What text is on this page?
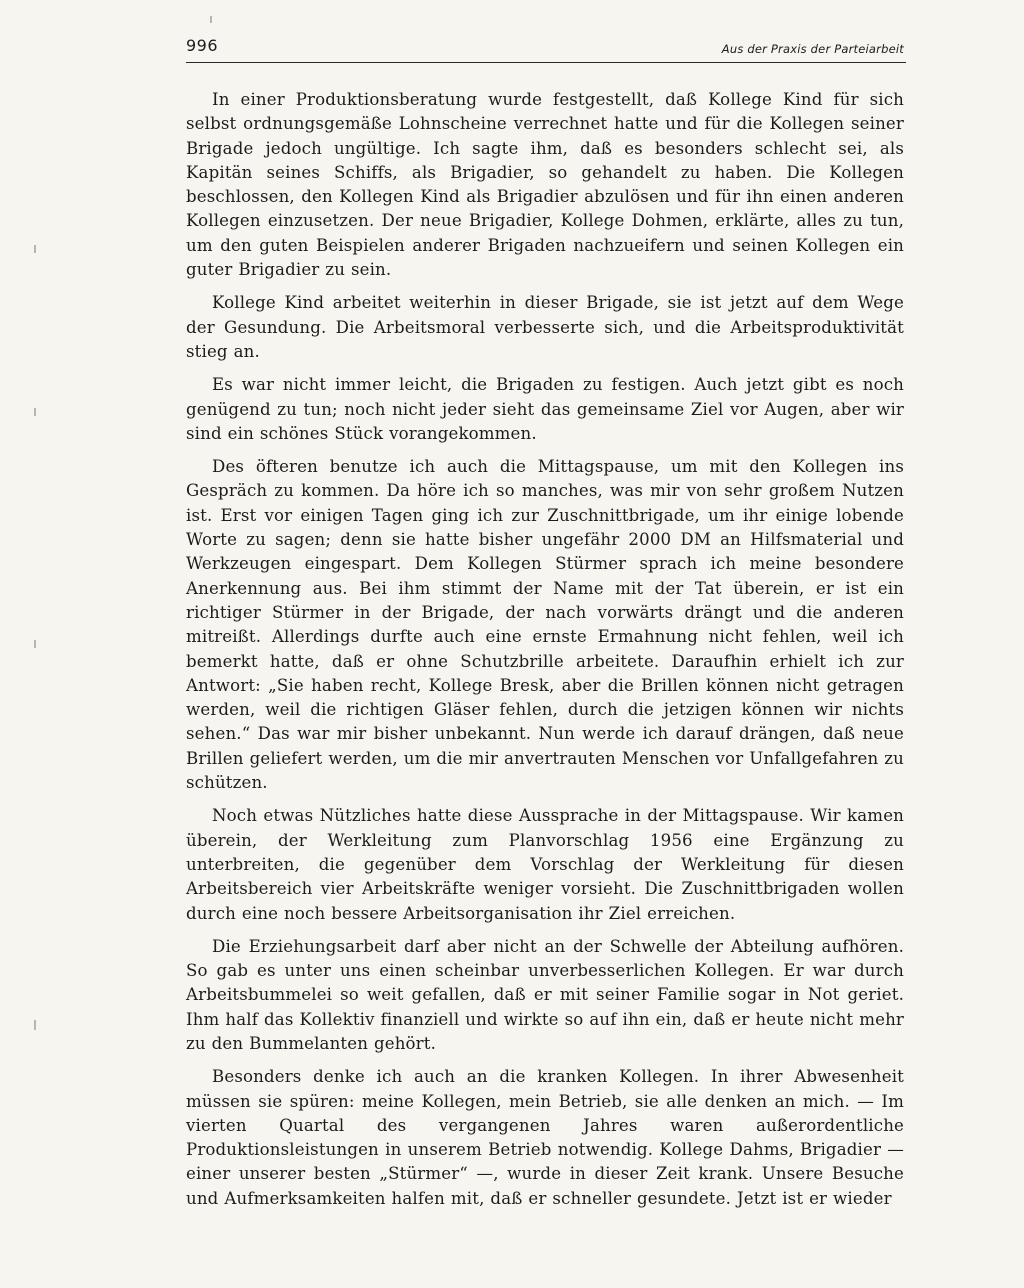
996	Aus der Praxis der Parteiarbeit

In einer Produktionsberatung wurde festgestellt, daß Kollege Kind für sich selbst ordnungsgemäße Lohnscheine verrechnet hatte und für die Kollegen seiner Brigade jedoch ungültige. Ich sagte ihm, daß es besonders schlecht sei, als Kapitän seines Schiffs, als Brigadier, so gehandelt zu haben. Die Kollegen beschlossen, den Kollegen Kind als Brigadier abzulösen und für ihn einen anderen Kollegen einzusetzen. Der neue Brigadier, Kollege Dohmen, erklärte, alles zu tun, um den guten Beispielen anderer Brigaden nachzueifern und seinen Kollegen ein guter Brigadier zu sein.

Kollege Kind arbeitet weiterhin in dieser Brigade, sie ist jetzt auf dem Wege der Gesundung. Die Arbeitsmoral verbesserte sich, und die Arbeitsproduktivität stieg an.

Es war nicht immer leicht, die Brigaden zu festigen. Auch jetzt gibt es noch genügend zu tun; noch nicht jeder sieht das gemeinsame Ziel vor Augen, aber wir sind ein schönes Stück vorangekommen.

Des öfteren benutze ich auch die Mittagspause, um mit den Kollegen ins Gespräch zu kommen. Da höre ich so manches, was mir von sehr großem Nutzen ist. Erst vor einigen Tagen ging ich zur Zuschnittbrigade, um ihr einige lobende Worte zu sagen; denn sie hatte bisher ungefähr 2000 DM an Hilfsmaterial und Werkzeugen eingespart. Dem Kollegen Stürmer sprach ich meine besondere Anerkennung aus. Bei ihm stimmt der Name mit der Tat überein, er ist ein richtiger Stürmer in der Brigade, der nach vorwärts drängt und die anderen mitreißt. Allerdings durfte auch eine ernste Ermahnung nicht fehlen, weil ich bemerkt hatte, daß er ohne Schutzbrille arbeitete. Daraufhin erhielt ich zur Antwort: „Sie haben recht, Kollege Bresk, aber die Brillen können nicht getragen werden, weil die richtigen Gläser fehlen, durch die jetzigen können wir nichts sehen.“ Das war mir bisher unbekannt. Nun werde ich darauf drängen, daß neue Brillen geliefert werden, um die mir anvertrauten Menschen vor Unfallgefahren zu schützen.

Noch etwas Nützliches hatte diese Aussprache in der Mittagspause. Wir kamen überein, der Werkleitung zum Planvorschlag 1956 eine Ergänzung zu unterbreiten, die gegenüber dem Vorschlag der Werkleitung für diesen Arbeitsbereich vier Arbeitskräfte weniger vorsieht. Die Zuschnittbrigaden wollen durch eine noch bessere Arbeitsorganisation ihr Ziel erreichen.

Die Erziehungsarbeit darf aber nicht an der Schwelle der Abteilung aufhören. So gab es unter uns einen scheinbar unverbesserlichen Kollegen. Er war durch Arbeitsbummelei so weit gefallen, daß er mit seiner Familie sogar in Not geriet. Ihm half das Kollektiv finanziell und wirkte so auf ihn ein, daß er heute nicht mehr zu den Bummelanten gehört.

Besonders denke ich auch an die kranken Kollegen. In ihrer Abwesenheit müssen sie spüren: meine Kollegen, mein Betrieb, sie alle denken an mich. — Im vierten Quartal des vergangenen Jahres waren außerordentliche Produktionsleistungen in unserem Betrieb notwendig. Kollege Dahms, Brigadier — einer unserer besten „Stürmer“ —, wurde in dieser Zeit krank. Unsere Besuche und Aufmerksamkeiten halfen mit, daß er schneller gesundete. Jetzt ist er wieder
